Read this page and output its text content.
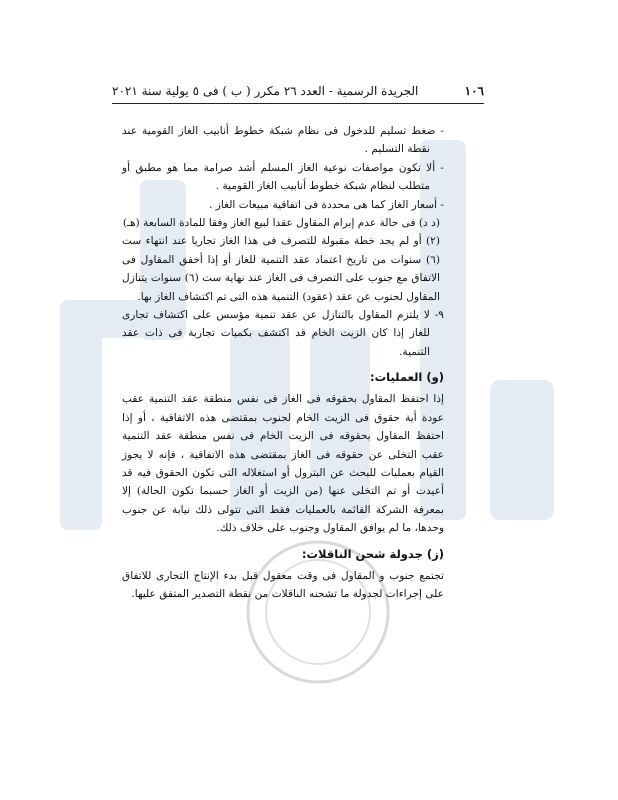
١٠٦
الجريدة الرسمية - العدد ٢٦ مكرر ( ب ) فى ٥ يولية سنة ٢٠٢١

- ضغط تسليم للدخول فى نظام شبكة خطوط أنابيب الغاز القومية عند نقطة التسليم .

- ألا تكون مواصفات نوعية الغاز المسلم أشد صرامة مما هو مطبق أو متطلب لنظام شبكة خطوط أنابيب الغاز القومية .

- أسعار الغاز كما هى محددة فى اتفاقية مبيعات الغاز .

(د د) فى حالة عدم إبرام المقاول عقدا لبيع الغاز وفقا للمادة السابعة (هـ)

(٢) أو لم يجد خطة مقبولة للتصرف فى هذا الغاز تجاريا عند انتهاء ست (٦) سنوات من تاريخ اعتماد عقد التنمية للغاز أو إذا أخفق المقاول فى الاتفاق مع جنوب على التصرف فى الغاز عند نهاية ست (٦) سنوات يتنازل المقاول لجنوب عن عقد (عقود) التنمية هذه التى تم اكتشاف الغاز بها.

٩- لا يلتزم المقاول بالتنازل عن عقد تنمية مؤسس على اكتشاف تجارى للغاز إذا كان الزيت الخام قد اكتشف بكميات تجارية فى ذات عقد التنمية.

(و) العمليات:

إذا احتفظ المقاول بحقوقه فى الغاز فى نفس منطقة عقد التنمية عقب عودة أية حقوق فى الزيت الخام لجنوب بمقتضى هذه الاتفاقية ، أو إذا احتفظ المقاول بحقوقه فى الزيت الخام فى نفس منطقة عقد التنمية عقب التخلى عن حقوقه فى الغاز بمقتضى هذه الاتفاقية ، فإنه لا يجوز القيام بعمليات للبحث عن البترول أو استغلاله التى تكون الحقوق فيه قد أعيدت أو تم التخلى عنها (من الزيت أو الغاز حسبما تكون الحالة) إلا بمعرفة الشركة القائمة بالعمليات فقط التى تتولى ذلك نيابة عن جنوب وحدها، ما لم يوافق المقاول وجنوب على خلاف ذلك.

(ز) جدولة شحن الناقلات:

تجتمع جنوب و المقاول فى وقت معقول قبل بدء الإنتاج التجارى للاتفاق على إجراءات لجدولة ما تشحنه الناقلات من نقطة التصدير المتفق عليها.
